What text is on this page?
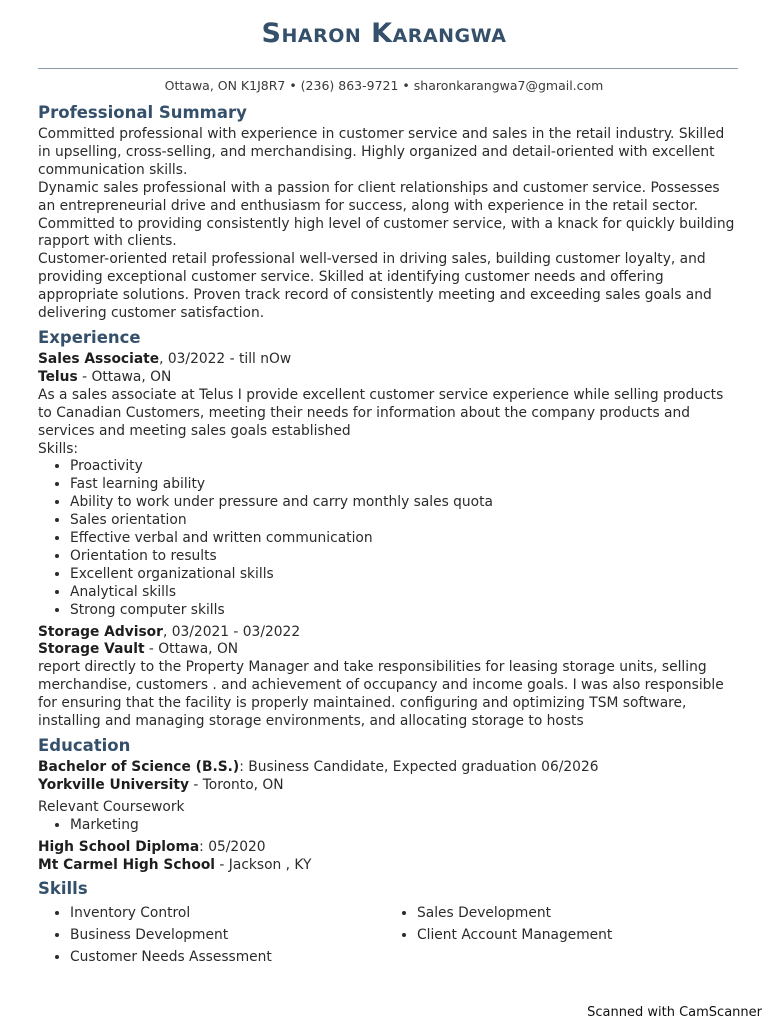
Sharon Karangwa
Ottawa, ON K1J8R7 • (236) 863-9721 • sharonkarangwa7@gmail.com
Professional Summary

Committed professional with experience in customer service and sales in the retail industry. Skilled in upselling, cross-selling, and merchandising. Highly organized and detail-oriented with excellent communication skills.

Dynamic sales professional with a passion for client relationships and customer service. Possesses an entrepreneurial drive and enthusiasm for success, along with experience in the retail sector. Committed to providing consistently high level of customer service, with a knack for quickly building rapport with clients.

Customer-oriented retail professional well-versed in driving sales, building customer loyalty, and providing exceptional customer service. Skilled at identifying customer needs and offering appropriate solutions. Proven track record of consistently meeting and exceeding sales goals and delivering customer satisfaction.

Experience

Sales Associate, 03/2022 - till nOw

Telus - Ottawa, ON

As a sales associate at Telus I provide excellent customer service experience while selling products to Canadian Customers, meeting their needs for information about the company products and services and meeting sales goals established

Skills:

• Proactivity
• Fast learning ability
• Ability to work under pressure and carry monthly sales quota
• Sales orientation
• Effective verbal and written communication
• Orientation to results
• Excellent organizational skills
• Analytical skills
• Strong computer skills

Storage Advisor, 03/2021 - 03/2022

Storage Vault - Ottawa, ON

report directly to the Property Manager and take responsibilities for leasing storage units, selling merchandise, customers . and achievement of occupancy and income goals. I was also responsible for ensuring that the facility is properly maintained. configuring and optimizing TSM software, installing and managing storage environments, and allocating storage to hosts

Education

Bachelor of Science (B.S.): Business Candidate, Expected graduation 06/2026

Yorkville University - Toronto, ON

Relevant Coursework

• Marketing

High School Diploma: 05/2020

Mt Carmel High School - Jackson , KY

Skills
• Inventory Control
• Business Development
• Customer Needs Assessment
• Sales Development
• Client Account Management
Scanned with CamScanner
